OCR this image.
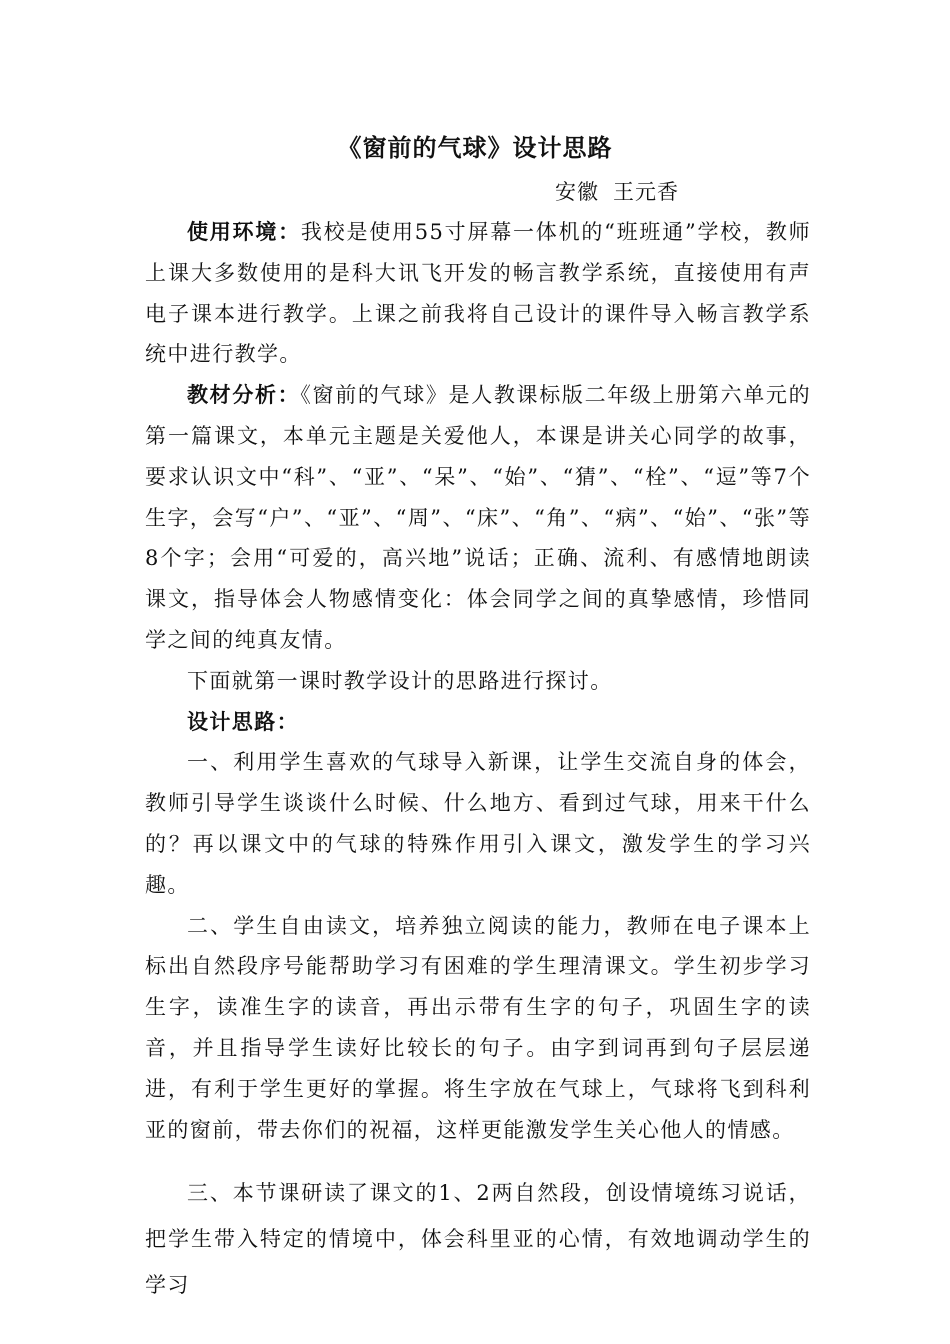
《窗前的气球》设计思路
安徽 王元香

使用环境：我校是使用55寸屏幕一体机的“班班通”学校，教师上课大多数使用的是科大讯飞开发的畅言教学系统，直接使用有声电子课本进行教学。上课之前我将自己设计的课件导入畅言教学系统中进行教学。

教材分析：《窗前的气球》是人教课标版二年级上册第六单元的第一篇课文，本单元主题是关爱他人，本课是讲关心同学的故事，要求认识文中“科”、“亚”、“呆”、“始”、“猜”、“栓”、“逗”等7个生字，会写“户”、“亚”、“周”、“床”、“角”、“病”、“始”、“张”等8个字；会用“可爱的，高兴地”说话；正确、流利、有感情地朗读课文，指导体会人物感情变化：体会同学之间的真挚感情，珍惜同学之间的纯真友情。

下面就第一课时教学设计的思路进行探讨。

设计思路：

一、利用学生喜欢的气球导入新课，让学生交流自身的体会，教师引导学生谈谈什么时候、什么地方、看到过气球，用来干什么的？再以课文中的气球的特殊作用引入课文，激发学生的学习兴趣。

二、学生自由读文，培养独立阅读的能力，教师在电子课本上标出自然段序号能帮助学习有困难的学生理清课文。学生初步学习生字，读准生字的读音，再出示带有生字的句子，巩固生字的读音，并且指导学生读好比较长的句子。由字到词再到句子层层递进，有利于学生更好的掌握。将生字放在气球上，气球将飞到科利亚的窗前，带去你们的祝福，这样更能激发学生关心他人的情感。

三、本节课研读了课文的1、2两自然段，创设情境练习说话，把学生带入特定的情境中，体会科里亚的心情，有效地调动学生的学习
